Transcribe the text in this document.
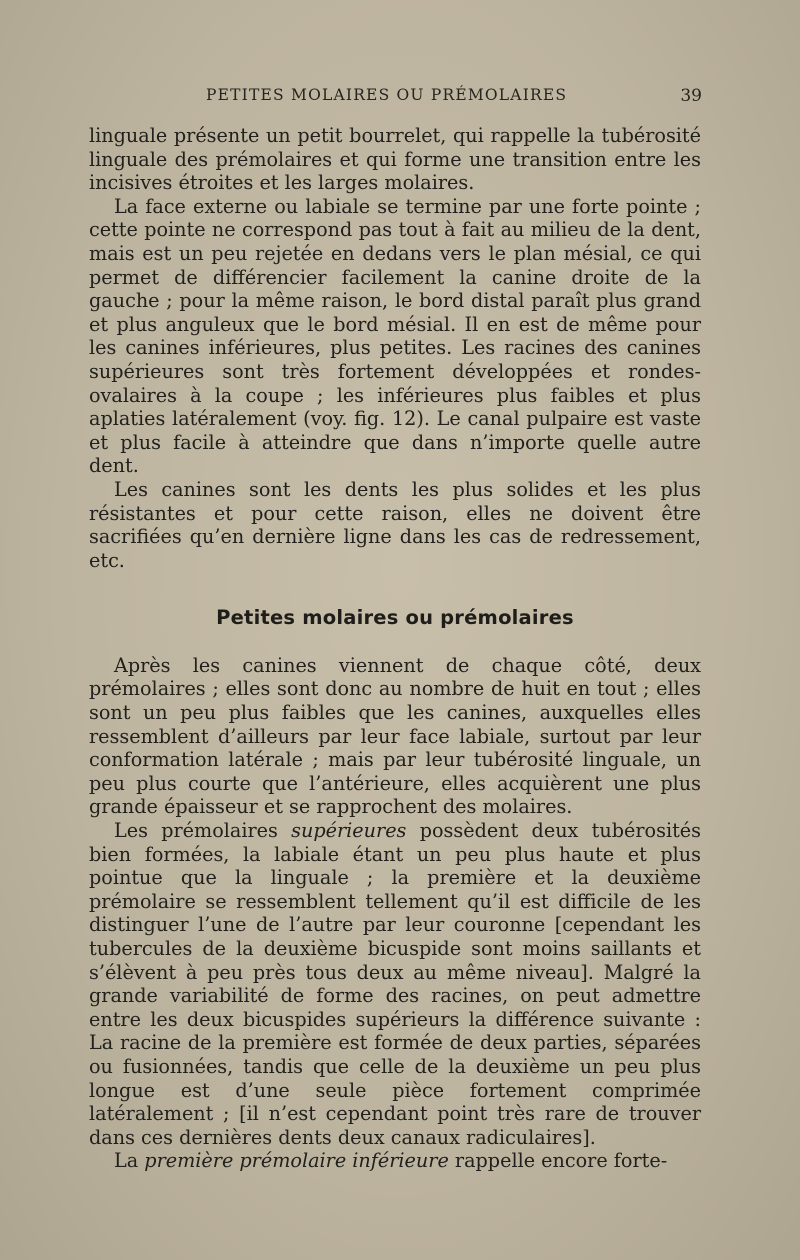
PETITES MOLAIRES OU PRÉMOLAIRES	39

linguale présente un petit bourrelet, qui rappelle la tubérosité linguale des prémolaires et qui forme une transition entre les incisives étroites et les larges molaires.

La face externe ou labiale se termine par une forte pointe ; cette pointe ne correspond pas tout à fait au milieu de la dent, mais est un peu rejetée en dedans vers le plan mésial, ce qui permet de différencier facilement la canine droite de la gauche ; pour la même raison, le bord distal paraît plus grand et plus anguleux que le bord mésial. Il en est de même pour les canines inférieures, plus petites. Les racines des canines supérieures sont très fortement développées et rondes-ovalaires à la coupe ; les inférieures plus faibles et plus aplaties latéralement (voy. fig. 12). Le canal pulpaire est vaste et plus facile à atteindre que dans n’importe quelle autre dent.

Les canines sont les dents les plus solides et les plus résistantes et pour cette raison, elles ne doivent être sacrifiées qu’en dernière ligne dans les cas de redressement, etc.

Petites molaires ou prémolaires

Après les canines viennent de chaque côté, deux prémolaires ; elles sont donc au nombre de huit en tout ; elles sont un peu plus faibles que les canines, auxquelles elles ressemblent d’ailleurs par leur face labiale, surtout par leur conformation latérale ; mais par leur tubérosité linguale, un peu plus courte que l’antérieure, elles acquièrent une plus grande épaisseur et se rapprochent des molaires.

Les prémolaires supérieures possèdent deux tubérosités bien formées, la labiale étant un peu plus haute et plus pointue que la linguale ; la première et la deuxième prémolaire se ressemblent tellement qu’il est difficile de les distinguer l’une de l’autre par leur couronne [cependant les tubercules de la deuxième bicuspide sont moins saillants et s’élèvent à peu près tous deux au même niveau]. Malgré la grande variabilité de forme des racines, on peut admettre entre les deux bicuspides supérieurs la différence suivante : La racine de la première est formée de deux parties, séparées ou fusionnées, tandis que celle de la deuxième un peu plus longue est d’une seule pièce fortement comprimée latéralement ; [il n’est cependant point très rare de trouver dans ces dernières dents deux canaux radiculaires].

La première prémolaire inférieure rappelle encore forte-
